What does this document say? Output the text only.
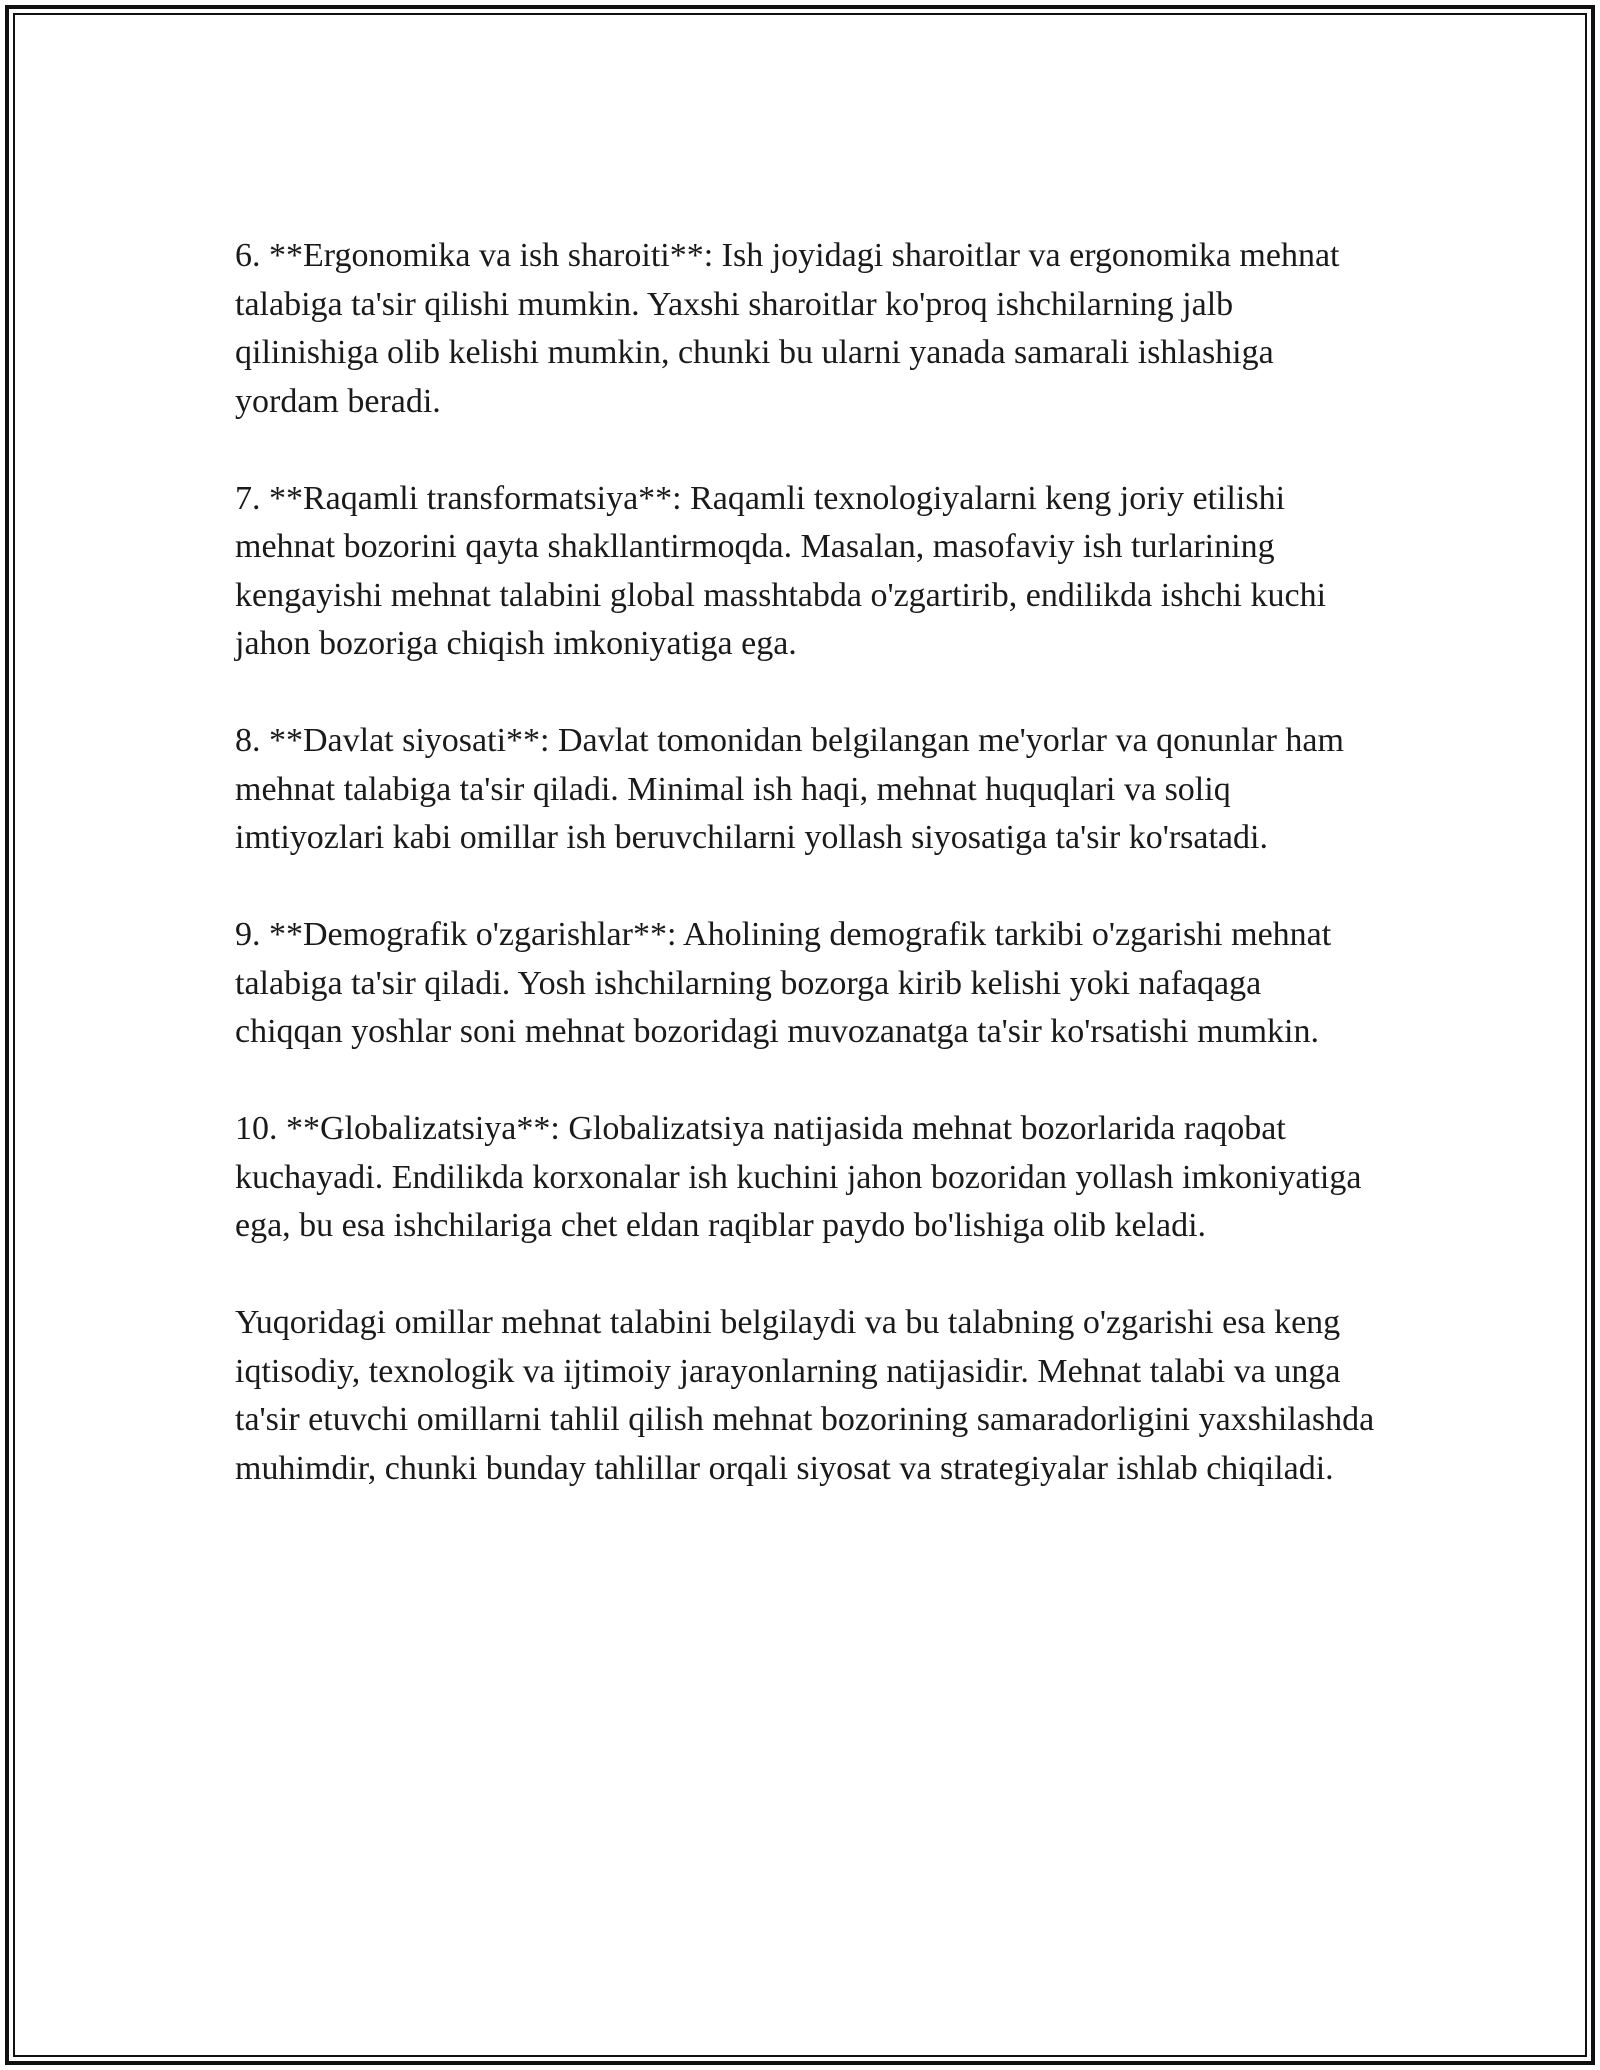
6. **Ergonomika va ish sharoiti**: Ish joyidagi sharoitlar va ergonomika mehnat talabiga ta'sir qilishi mumkin. Yaxshi sharoitlar ko'proq ishchilarning jalb qilinishiga olib kelishi mumkin, chunki bu ularni yanada samarali ishlashiga yordam beradi.

7. **Raqamli transformatsiya**: Raqamli texnologiyalarni keng joriy etilishi mehnat bozorini qayta shakllantirmoqda. Masalan, masofaviy ish turlarining kengayishi mehnat talabini global masshtabda o'zgartirib, endilikda ishchi kuchi jahon bozoriga chiqish imkoniyatiga ega.

8. **Davlat siyosati**: Davlat tomonidan belgilangan me'yorlar va qonunlar ham mehnat talabiga ta'sir qiladi. Minimal ish haqi, mehnat huquqlari va soliq imtiyozlari kabi omillar ish beruvchilarni yollash siyosatiga ta'sir ko'rsatadi.

9. **Demografik o'zgarishlar**: Aholining demografik tarkibi o'zgarishi mehnat talabiga ta'sir qiladi. Yosh ishchilarning bozorga kirib kelishi yoki nafaqaga chiqqan yoshlar soni mehnat bozoridagi muvozanatga ta'sir ko'rsatishi mumkin.

10. **Globalizatsiya**: Globalizatsiya natijasida mehnat bozorlarida raqobat kuchayadi. Endilikda korxonalar ish kuchini jahon bozoridan yollash imkoniyatiga ega, bu esa ishchilariga chet eldan raqiblar paydo bo'lishiga olib keladi.

Yuqoridagi omillar mehnat talabini belgilaydi va bu talabning o'zgarishi esa keng iqtisodiy, texnologik va ijtimoiy jarayonlarning natijasidir. Mehnat talabi va unga ta'sir etuvchi omillarni tahlil qilish mehnat bozorining samaradorligini yaxshilashda muhimdir, chunki bunday tahlillar orqali siyosat va strategiyalar ishlab chiqiladi.
